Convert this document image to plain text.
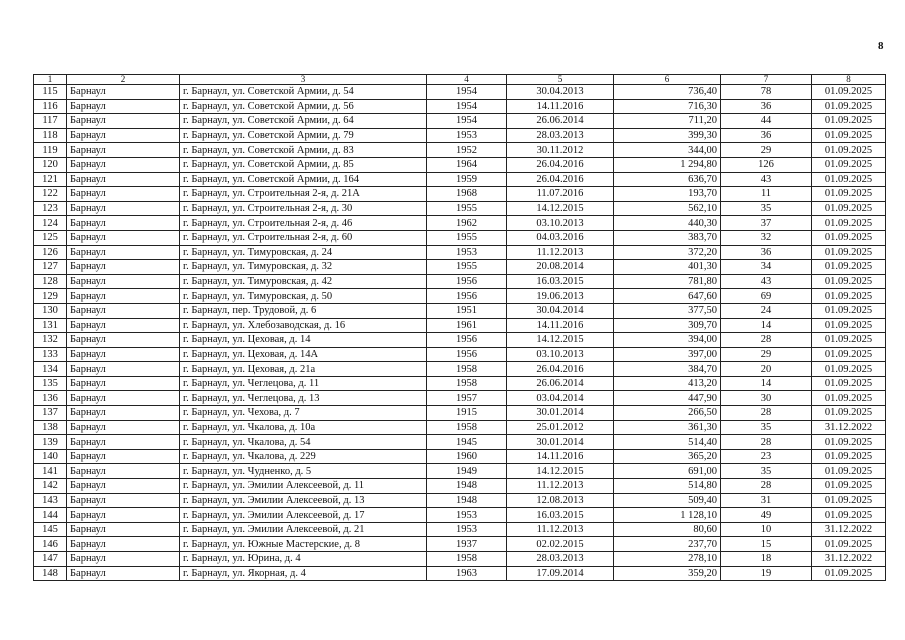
8
1	2	3	4	5	6	7	8
115	Барнаул	г. Барнаул, ул. Советской Армии, д. 54	1954	30.04.2013	736,40	78	01.09.2025
116	Барнаул	г. Барнаул, ул. Советской Армии, д. 56	1954	14.11.2016	716,30	36	01.09.2025
117	Барнаул	г. Барнаул, ул. Советской Армии, д. 64	1954	26.06.2014	711,20	44	01.09.2025
118	Барнаул	г. Барнаул, ул. Советской Армии, д. 79	1953	28.03.2013	399,30	36	01.09.2025
119	Барнаул	г. Барнаул, ул. Советской Армии, д. 83	1952	30.11.2012	344,00	29	01.09.2025
120	Барнаул	г. Барнаул, ул. Советской Армии, д. 85	1964	26.04.2016	1 294,80	126	01.09.2025
121	Барнаул	г. Барнаул, ул. Советской Армии, д. 164	1959	26.04.2016	636,70	43	01.09.2025
122	Барнаул	г. Барнаул, ул. Строительная 2-я, д. 21А	1968	11.07.2016	193,70	11	01.09.2025
123	Барнаул	г. Барнаул, ул. Строительная 2-я, д. 30	1955	14.12.2015	562,10	35	01.09.2025
124	Барнаул	г. Барнаул, ул. Строительная 2-я, д. 46	1962	03.10.2013	440,30	37	01.09.2025
125	Барнаул	г. Барнаул, ул. Строительная 2-я, д. 60	1955	04.03.2016	383,70	32	01.09.2025
126	Барнаул	г. Барнаул, ул. Тимуровская, д. 24	1953	11.12.2013	372,20	36	01.09.2025
127	Барнаул	г. Барнаул, ул. Тимуровская, д. 32	1955	20.08.2014	401,30	34	01.09.2025
128	Барнаул	г. Барнаул, ул. Тимуровская, д. 42	1956	16.03.2015	781,80	43	01.09.2025
129	Барнаул	г. Барнаул, ул. Тимуровская, д. 50	1956	19.06.2013	647,60	69	01.09.2025
130	Барнаул	г. Барнаул, пер. Трудовой, д. 6	1951	30.04.2014	377,50	24	01.09.2025
131	Барнаул	г. Барнаул, ул. Хлебозаводская, д. 16	1961	14.11.2016	309,70	14	01.09.2025
132	Барнаул	г. Барнаул, ул. Цеховая, д. 14	1956	14.12.2015	394,00	28	01.09.2025
133	Барнаул	г. Барнаул, ул. Цеховая, д. 14А	1956	03.10.2013	397,00	29	01.09.2025
134	Барнаул	г. Барнаул, ул. Цеховая, д. 21а	1958	26.04.2016	384,70	20	01.09.2025
135	Барнаул	г. Барнаул, ул. Чеглецова, д. 11	1958	26.06.2014	413,20	14	01.09.2025
136	Барнаул	г. Барнаул, ул. Чеглецова, д. 13	1957	03.04.2014	447,90	30	01.09.2025
137	Барнаул	г. Барнаул, ул. Чехова, д. 7	1915	30.01.2014	266,50	28	01.09.2025
138	Барнаул	г. Барнаул, ул. Чкалова, д. 10а	1958	25.01.2012	361,30	35	31.12.2022
139	Барнаул	г. Барнаул, ул. Чкалова, д. 54	1945	30.01.2014	514,40	28	01.09.2025
140	Барнаул	г. Барнаул, ул. Чкалова, д. 229	1960	14.11.2016	365,20	23	01.09.2025
141	Барнаул	г. Барнаул, ул. Чудненко, д. 5	1949	14.12.2015	691,00	35	01.09.2025
142	Барнаул	г. Барнаул, ул. Эмилии Алексеевой, д. 11	1948	11.12.2013	514,80	28	01.09.2025
143	Барнаул	г. Барнаул, ул. Эмилии Алексеевой, д. 13	1948	12.08.2013	509,40	31	01.09.2025
144	Барнаул	г. Барнаул, ул. Эмилии Алексеевой, д. 17	1953	16.03.2015	1 128,10	49	01.09.2025
145	Барнаул	г. Барнаул, ул. Эмилии Алексеевой, д. 21	1953	11.12.2013	80,60	10	31.12.2022
146	Барнаул	г. Барнаул, ул. Южные Мастерские, д. 8	1937	02.02.2015	237,70	15	01.09.2025
147	Барнаул	г. Барнаул, ул. Юрина, д. 4	1958	28.03.2013	278,10	18	31.12.2022
148	Барнаул	г. Барнаул, ул. Якорная, д. 4	1963	17.09.2014	359,20	19	01.09.2025
